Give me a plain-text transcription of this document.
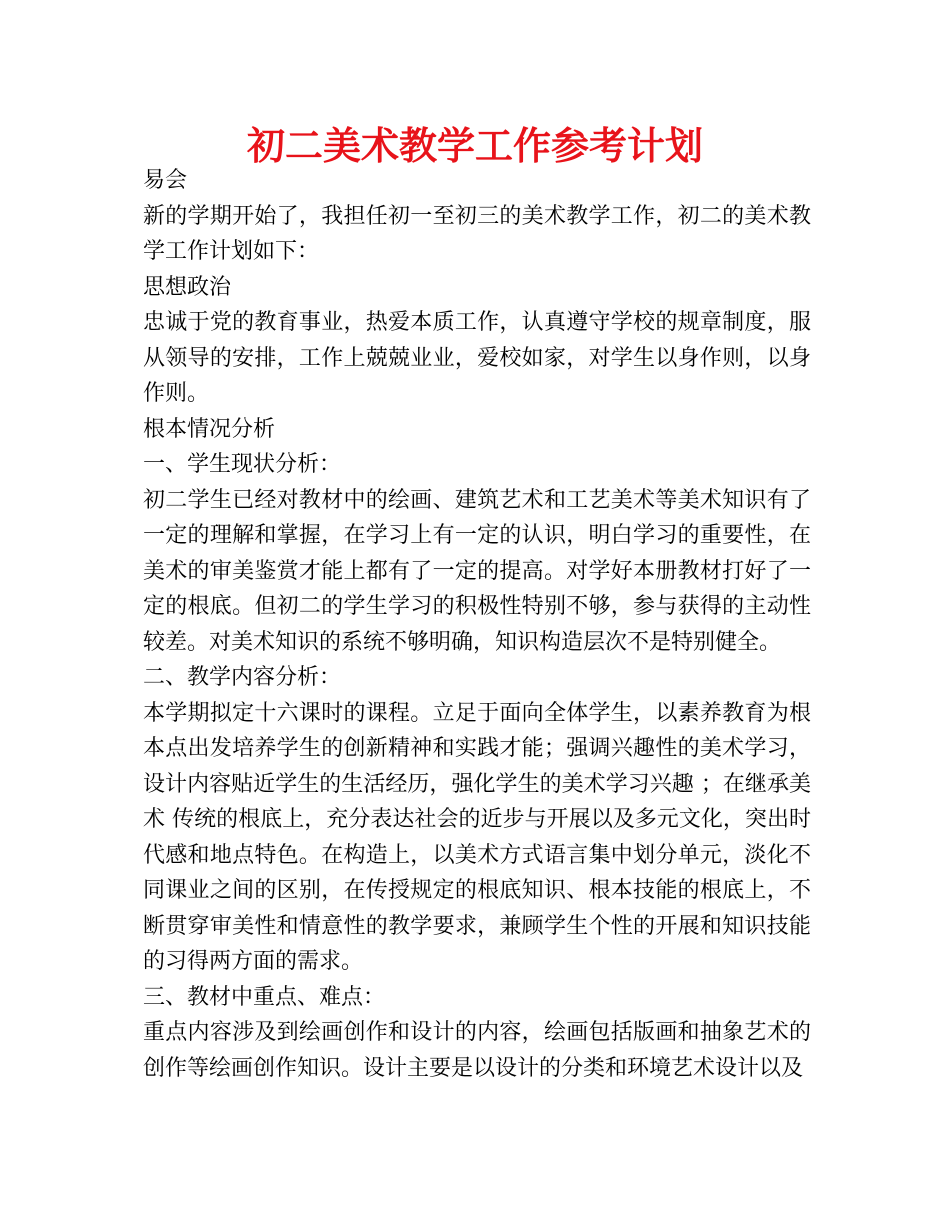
初二美术教学工作参考计划

易会

新的学期开始了，我担任初一至初三的美术教学工作，初二的美术教学工作计划如下：

思想政治

忠诚于党的教育事业，热爱本质工作，认真遵守学校的规章制度，服从领导的安排，工作上兢兢业业，爱校如家，对学生以身作则，以身作则。

根本情况分析

一、学生现状分析：

初二学生已经对教材中的绘画、建筑艺术和工艺美术等美术知识有了一定的理解和掌握，在学习上有一定的认识，明白学习的重要性，在美术的审美鉴赏才能上都有了一定的提高。对学好本册教材打好了一定的根底。但初二的学生学习的积极性特别不够，参与获得的主动性较差。对美术知识的系统不够明确，知识构造层次不是特别健全。

二、教学内容分析：

本学期拟定十六课时的课程。立足于面向全体学生，以素养教育为根本点出发培养学生的创新精神和实践才能；强调兴趣性的美术学习，设计内容贴近学生的生活经历，强化学生的美术学习兴趣 ；在继承美术 传统的根底上，充分表达社会的近步与开展以及多元文化，突出时代感和地点特色。在构造上，以美术方式语言集中划分单元，淡化不同课业之间的区别，在传授规定的根底知识、根本技能的根底上，不断贯穿审美性和情意性的教学要求，兼顾学生个性的开展和知识技能的习得两方面的需求。

三、教材中重点、难点：

重点内容涉及到绘画创作和设计的内容，绘画包括版画和抽象艺术的创作等绘画创作知识。设计主要是以设计的分类和环境艺术设计以及
